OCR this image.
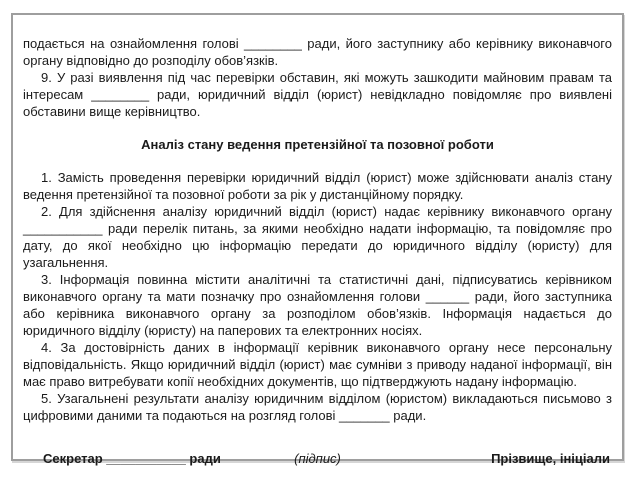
подається на ознайомлення голові ________ ради, його заступнику або керівнику виконавчого органу відповідно до розподілу обов’язків.

9. У разі виявлення під час перевірки обставин, які можуть зашкодити майновим правам та інтересам ________ ради, юридичний відділ (юрист) невідкладно повідомляє про виявлені обставини вище керівництво.

Аналіз стану ведення претензійної та позовної роботи

1. Замість проведення перевірки юридичний відділ (юрист) може здійснювати аналіз стану ведення претензійної та позовної роботи за рік у дистанційному порядку.

2. Для здійснення аналізу юридичний відділ (юрист) надає керівнику виконавчого органу ___________ ради перелік питань, за якими необхідно надати інформацію, та повідомляє про дату, до якої необхідно цю інформацію передати до юридичного відділу (юристу) для узагальнення.

3. Інформація повинна містити аналітичні та статистичні дані, підписуватись керівником виконавчого органу та мати позначку про ознайомлення голови ______ ради, його заступника або керівника виконавчого органу за розподілом обов’язків. Інформація надається до юридичного відділу (юристу) на паперових та електронних носіях.

4. За достовірність даних в інформації керівник виконавчого органу несе персональну відповідальність. Якщо юридичний відділ (юрист) має сумніви з приводу наданої інформації, він має право витребувати копії необхідних документів, що підтверджують надану інформацію.

5. Узагальнені результати аналізу юридичним відділом (юристом) викладаються письмово з цифровими даними та подаються на розгляд голові _______ ради.

Секретар ___________ ради	(підпис)	Прізвище, ініціали
